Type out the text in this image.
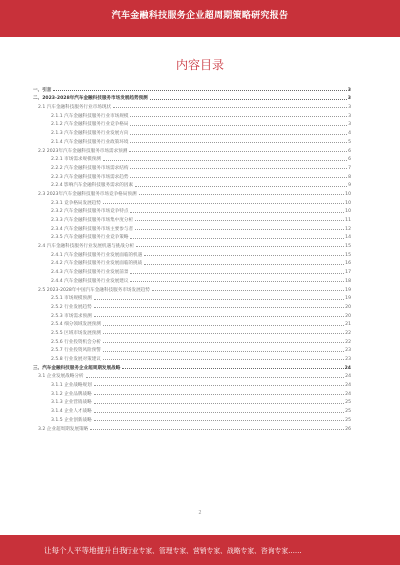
汽车金融科技服务企业超周期策略研究报告
内容目录
一、引言	3
二、2023-2028年汽车金融科技服务市场发展趋势预测	3
2.1 汽车金融科技服务行业市场现状	3
2.1.1 汽车金融科技服务行业市场规模	3
2.1.2 汽车金融科技服务行业竞争格局	3
2.1.3 汽车金融科技服务行业发展方向	4
2.1.4 汽车金融科技服务行业政策环境	5
2.2 2023年汽车金融科技服务市场需求预测	6
2.2.1 市场需求规模预测	6
2.2.2 汽车金融科技服务市场需求结构	7
2.2.3 汽车金融科技服务市场需求趋势	8
2.2.4 影响汽车金融科技服务需求的因素	9
2.3 2023年汽车金融科技服务市场竞争格局预测	10
2.3.1 竞争格局发展趋势	10
2.3.2 汽车金融科技服务市场竞争特点	10
2.3.3 汽车金融科技服务市场集中度分析	11
2.3.4 汽车金融科技服务市场主要参与者	12
2.3.5 汽车金融科技服务行业竞争策略	14
2.4 汽车金融科技服务行业发展机遇与挑战分析	15
2.4.1 汽车金融科技服务行业发展面临的机遇	15
2.4.2 汽车金融科技服务行业发展面临的挑战	16
2.4.3 汽车金融科技服务行业发展前景	17
2.4.4 汽车金融科技服务行业发展建议	18
2.5 2023-2028年中国汽车金融科技服务市场发展趋势	19
2.5.1 市场规模预测	19
2.5.2 行业发展趋势	20
2.5.3 市场需求预测	20
2.5.4 细分领域发展预测	21
2.5.5 区域市场发展预测	22
2.5.6 行业投资机会分析	22
2.5.7 行业投资风险预警	23
2.5.8 行业发展对策建议	23
三、汽车金融科技服务企业超周期发展战略	24
3.1 企业发展战略分析	24
3.1.1 企业战略规划	24
3.1.2 企业品牌战略	24
3.1.3 企业营销战略	25
3.1.4 企业人才战略	25
3.1.5 企业创新战略	25
3.2 企业超周期发展策略	26
2
让每个人平等地提升自我
行业专家、管理专家、营销专家、战略专家、咨询专家……
